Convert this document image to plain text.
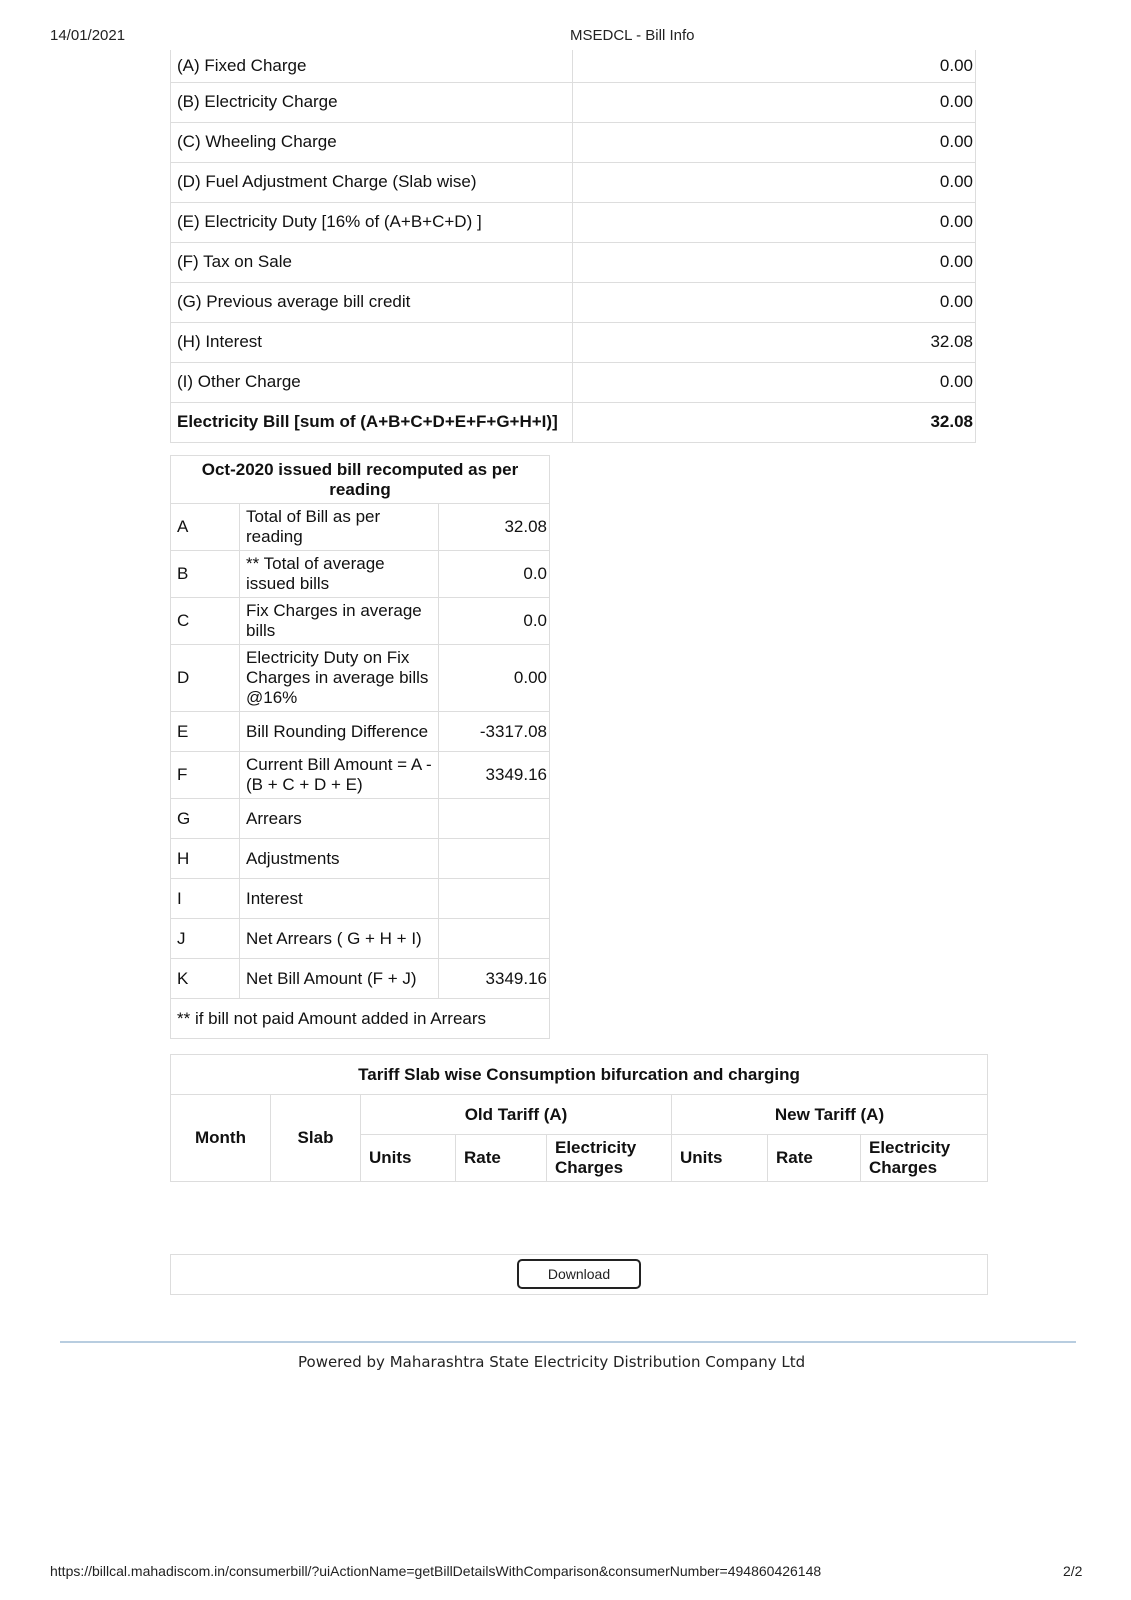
14/01/2021	MSEDCL - Bill Info
(A) Fixed Charge	0.00
(B) Electricity Charge	0.00
(C) Wheeling Charge	0.00
(D) Fuel Adjustment Charge (Slab wise)	0.00
(E) Electricity Duty [16% of (A+B+C+D) ]	0.00
(F) Tax on Sale	0.00
(G) Previous average bill credit	0.00
(H) Interest	32.08
(I) Other Charge	0.00
Electricity Bill [sum of (A+B+C+D+E+F+G+H+I)]	32.08
Oct-2020 issued bill recomputed as per reading		
A	Total of Bill as per reading	32.08
B	** Total of average issued bills	0.0
C	Fix Charges in average bills	0.0
D	Electricity Duty on Fix Charges in average bills @16%	0.00
E	Bill Rounding Difference	-3317.08
F	Current Bill Amount = A - (B + C + D + E)	3349.16
G	Arrears	
H	Adjustments	
I	Interest	
J	Net Arrears ( G + H + I)	
K	Net Bill Amount (F + J)	3349.16
** if bill not paid Amount added in Arrears		
Tariff Slab wise Consumption bifurcation and charging							
Month	Slab	Old Tariff (A)			New Tariff (A)		
		Units	Rate	Electricity Charges	Units	Rate	Electricity Charges
Download
Powered by Maharashtra State Electricity Distribution Company Ltd
https://billcal.mahadiscom.in/consumerbill/?uiActionName=getBillDetailsWithComparison&consumerNumber=494860426148	2/2
